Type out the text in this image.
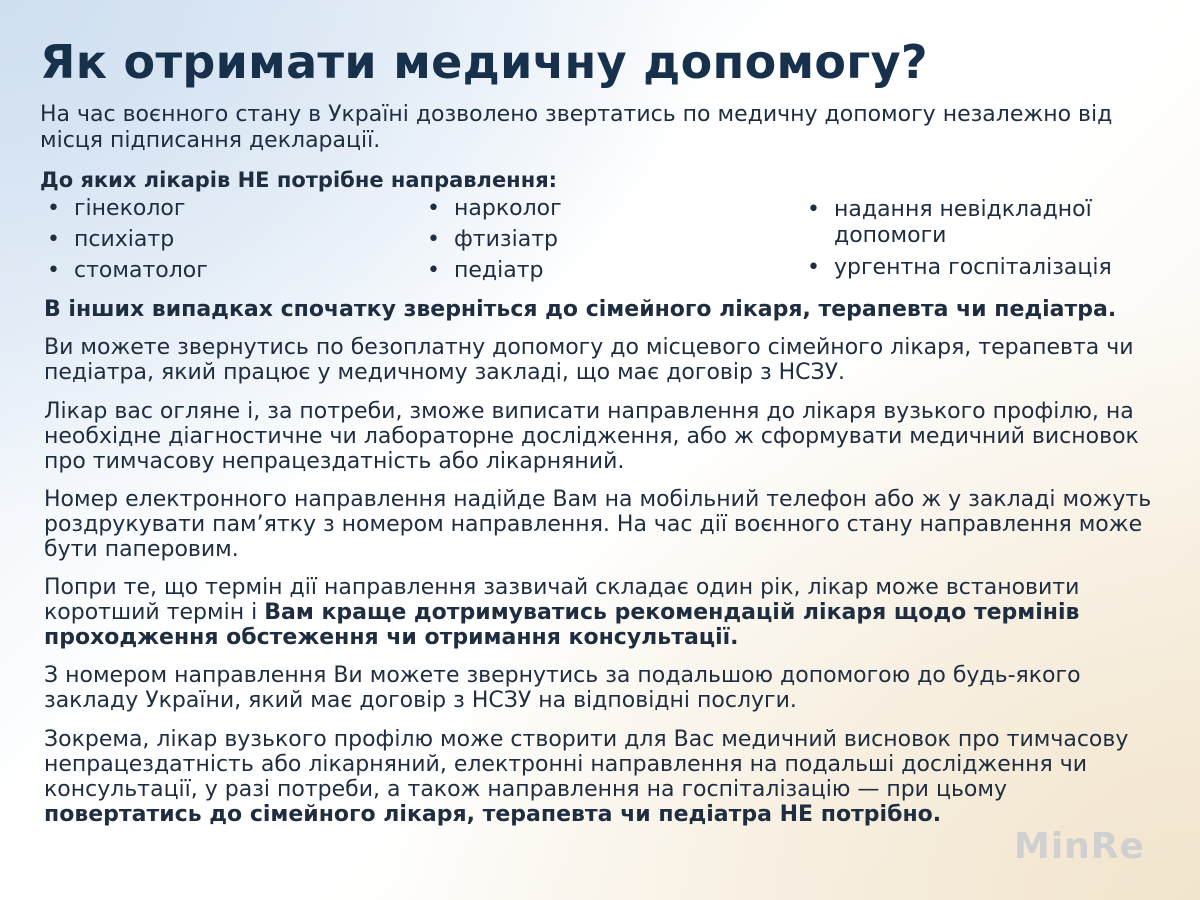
Як отримати медичну допомогу?

На час воєнного стану в Україні дозволено звертатись по медичну допомогу незалежно від місця підписання декларації.

До яких лікарів НЕ потрібне направлення:

• гінеколог
• психіатр
• стоматолог
• нарколог
• фтизіатр
• педіатр
• надання невідкладної допомоги
• ургентна госпіталізація

В інших випадках спочатку зверніться до сімейного лікаря, терапевта чи педіатра.

Ви можете звернутись по безоплатну допомогу до місцевого сімейного лікаря, терапевта чи педіатра, який працює у медичному закладі, що має договір з НСЗУ.

Лікар вас огляне і, за потреби, зможе виписати направлення до лікаря вузького профілю, на необхідне діагностичне чи лабораторне дослідження, або ж сформувати медичний висновок про тимчасову непрацездатність або лікарняний.

Номер електронного направлення надійде Вам на мобільний телефон або ж у закладі можуть роздрукувати пам’ятку з номером направлення. На час дії воєнного стану направлення може бути паперовим.

Попри те, що термін дії направлення зазвичай складає один рік, лікар може встановити коротший термін і Вам краще дотримуватись рекомендацій лікаря щодо термінів проходження обстеження чи отримання консультації.

З номером направлення Ви можете звернутись за подальшою допомогою до будь-якого закладу України, який має договір з НСЗУ на відповідні послуги.

Зокрема, лікар вузького профілю може створити для Вас медичний висновок про тимчасову непрацездатність або лікарняний, електронні направлення на подальші дослідження чи консультації, у разі потреби, а також направлення на госпіталізацію — при цьому повертатись до сімейного лікаря, терапевта чи педіатра НЕ потрібно.

MinRe
